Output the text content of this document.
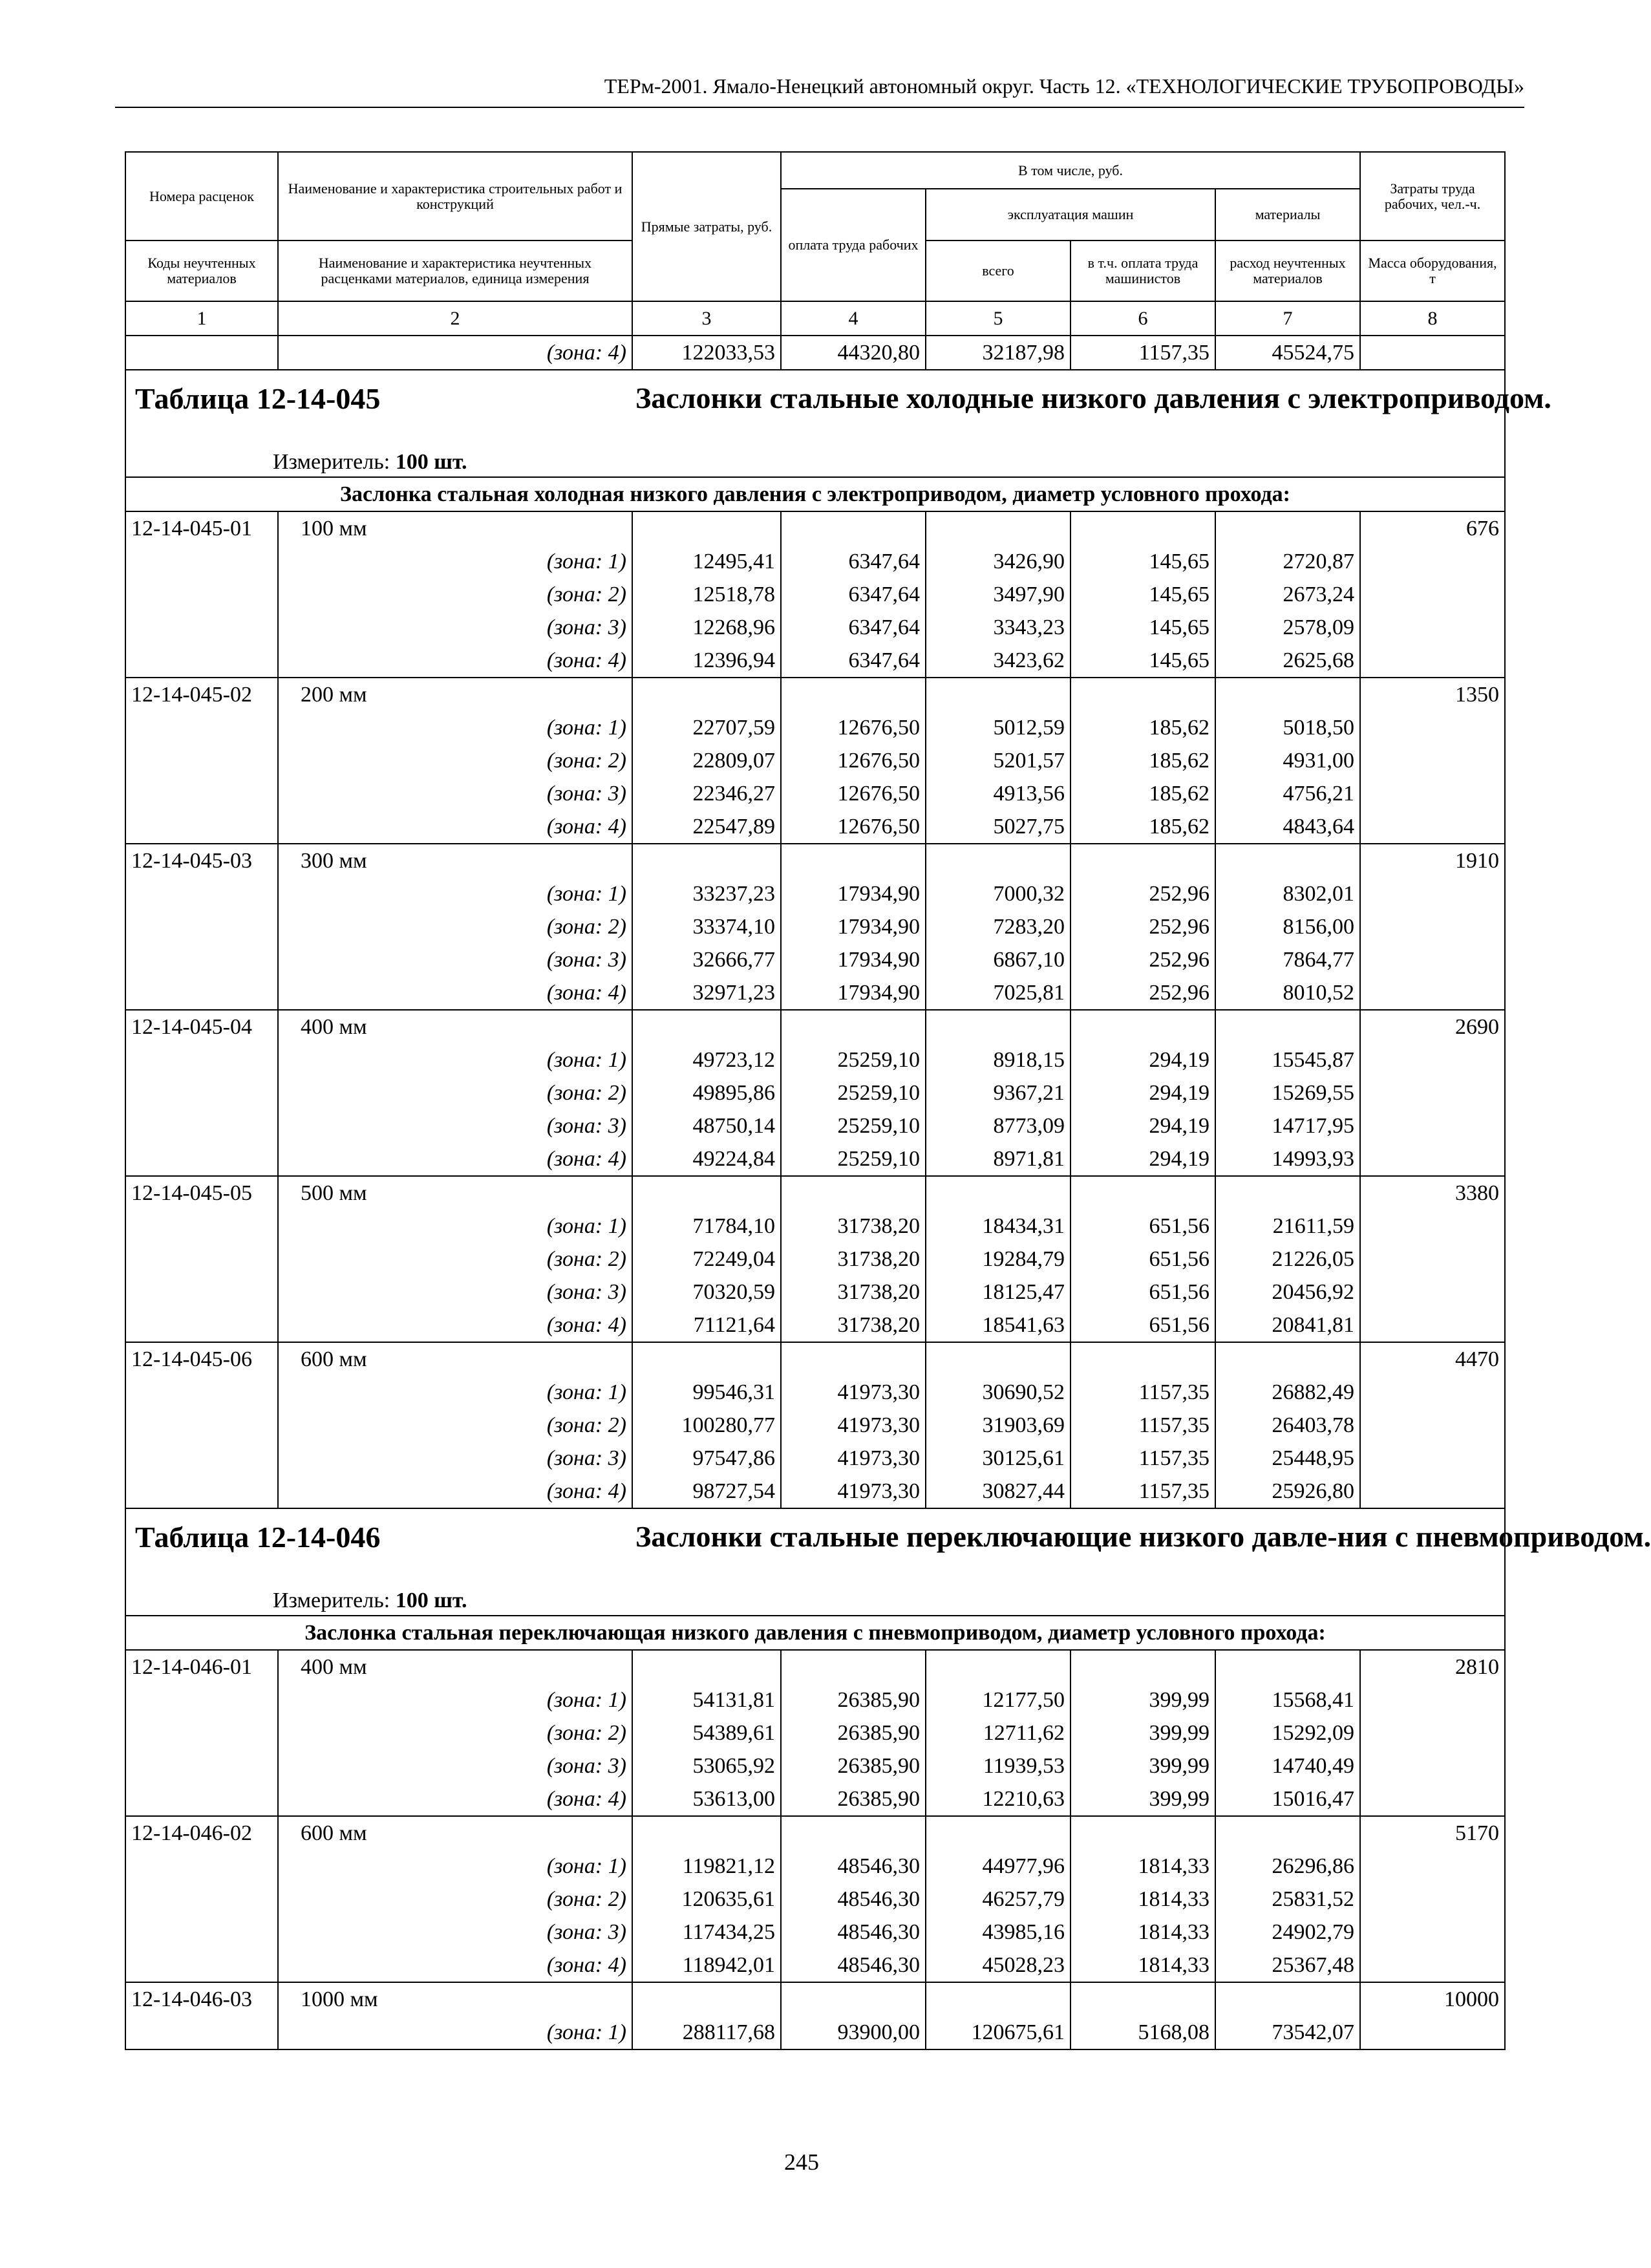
ТЕРм-2001. Ямало-Ненецкий автономный округ. Часть 12. «ТЕХНОЛОГИЧЕСКИЕ ТРУБОПРОВОДЫ»
Номера расценок	Наименование и характеристика строительных работ и конструкций	Прямые затраты, руб.	В том числе, руб.				Затраты труда рабочих, чел.-ч.
			оплата труда рабочих	эксплуатация машин		материалы	
Коды неучтенных материалов	Наименование и характеристика неучтенных расценками материалов, единица измерения			всего	в т.ч. оплата труда машинистов	расход неучтенных материалов	Масса оборудования, т
1	2	3	4	5	6	7	8
	(зона: 4)	122033,53	44320,80	32187,98	1157,35	45524,75	

Таблица 12-14-045 Заслонки стальные холодные низкого давления с электроприводом.							

Измеритель: 100 шт.							
Заслонка стальная холодная низкого давления с электроприводом, диаметр условного прохода:							
12-14-045-01	100 мм						676
	(зона: 1)	12495,41	6347,64	3426,90	145,65	2720,87	
	(зона: 2)	12518,78	6347,64	3497,90	145,65	2673,24	
	(зона: 3)	12268,96	6347,64	3343,23	145,65	2578,09	
	(зона: 4)	12396,94	6347,64	3423,62	145,65	2625,68	
12-14-045-02	200 мм						1350
	(зона: 1)	22707,59	12676,50	5012,59	185,62	5018,50	
	(зона: 2)	22809,07	12676,50	5201,57	185,62	4931,00	
	(зона: 3)	22346,27	12676,50	4913,56	185,62	4756,21	
	(зона: 4)	22547,89	12676,50	5027,75	185,62	4843,64	
12-14-045-03	300 мм						1910
	(зона: 1)	33237,23	17934,90	7000,32	252,96	8302,01	
	(зона: 2)	33374,10	17934,90	7283,20	252,96	8156,00	
	(зона: 3)	32666,77	17934,90	6867,10	252,96	7864,77	
	(зона: 4)	32971,23	17934,90	7025,81	252,96	8010,52	
12-14-045-04	400 мм						2690
	(зона: 1)	49723,12	25259,10	8918,15	294,19	15545,87	
	(зона: 2)	49895,86	25259,10	9367,21	294,19	15269,55	
	(зона: 3)	48750,14	25259,10	8773,09	294,19	14717,95	
	(зона: 4)	49224,84	25259,10	8971,81	294,19	14993,93	
12-14-045-05	500 мм						3380
	(зона: 1)	71784,10	31738,20	18434,31	651,56	21611,59	
	(зона: 2)	72249,04	31738,20	19284,79	651,56	21226,05	
	(зона: 3)	70320,59	31738,20	18125,47	651,56	20456,92	
	(зона: 4)	71121,64	31738,20	18541,63	651,56	20841,81	
12-14-045-06	600 мм						4470
	(зона: 1)	99546,31	41973,30	30690,52	1157,35	26882,49	
	(зона: 2)	100280,77	41973,30	31903,69	1157,35	26403,78	
	(зона: 3)	97547,86	41973,30	30125,61	1157,35	25448,95	
	(зона: 4)	98727,54	41973,30	30827,44	1157,35	25926,80	

Таблица 12-14-046 Заслонки стальные переключающие низкого давле-ния с пневмоприводом.							

Измеритель: 100 шт.							
Заслонка стальная переключающая низкого давления с пневмоприводом, диаметр условного прохода:							
12-14-046-01	400 мм						2810
	(зона: 1)	54131,81	26385,90	12177,50	399,99	15568,41	
	(зона: 2)	54389,61	26385,90	12711,62	399,99	15292,09	
	(зона: 3)	53065,92	26385,90	11939,53	399,99	14740,49	
	(зона: 4)	53613,00	26385,90	12210,63	399,99	15016,47	
12-14-046-02	600 мм						5170
	(зона: 1)	119821,12	48546,30	44977,96	1814,33	26296,86	
	(зона: 2)	120635,61	48546,30	46257,79	1814,33	25831,52	
	(зона: 3)	117434,25	48546,30	43985,16	1814,33	24902,79	
	(зона: 4)	118942,01	48546,30	45028,23	1814,33	25367,48	
12-14-046-03	1000 мм						10000
	(зона: 1)	288117,68	93900,00	120675,61	5168,08	73542,07	
245
